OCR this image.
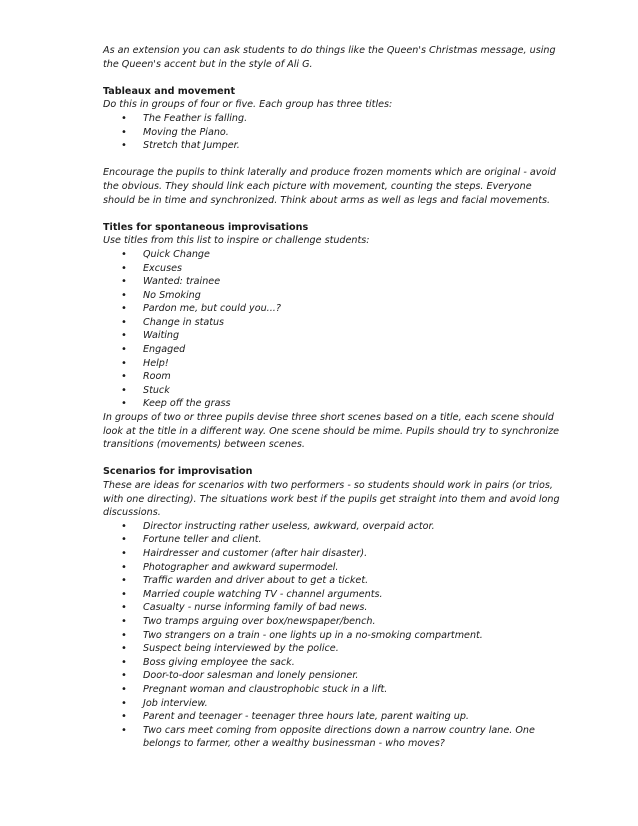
As an extension you can ask students to do things like the Queen's Christmas message, using the Queen's accent but in the style of Ali G.

Tableaux and movement

Do this in groups of four or five. Each group has three titles:

• The Feather is falling.
• Moving the Piano.
• Stretch that Jumper.

Encourage the pupils to think laterally and produce frozen moments which are original - avoid the obvious. They should link each picture with movement, counting the steps. Everyone should be in time and synchronized. Think about arms as well as legs and facial movements.

Titles for spontaneous improvisations

Use titles from this list to inspire or challenge students:

• Quick Change
• Excuses
• Wanted: trainee
• No Smoking
• Pardon me, but could you...?
• Change in status
• Waiting
• Engaged
• Help!
• Room
• Stuck
• Keep off the grass

In groups of two or three pupils devise three short scenes based on a title, each scene should look at the title in a different way. One scene should be mime. Pupils should try to synchronize transitions (movements) between scenes.

Scenarios for improvisation

These are ideas for scenarios with two performers - so students should work in pairs (or trios, with one directing). The situations work best if the pupils get straight into them and avoid long discussions.

• Director instructing rather useless, awkward, overpaid actor.
• Fortune teller and client.
• Hairdresser and customer (after hair disaster).
• Photographer and awkward supermodel.
• Traffic warden and driver about to get a ticket.
• Married couple watching TV - channel arguments.
• Casualty - nurse informing family of bad news.
• Two tramps arguing over box/newspaper/bench.
• Two strangers on a train - one lights up in a no-smoking compartment.
• Suspect being interviewed by the police.
• Boss giving employee the sack.
• Door-to-door salesman and lonely pensioner.
• Pregnant woman and claustrophobic stuck in a lift.
• Job interview.
• Parent and teenager - teenager three hours late, parent waiting up.
• Two cars meet coming from opposite directions down a narrow country lane. One belongs to farmer, other a wealthy businessman - who moves?
